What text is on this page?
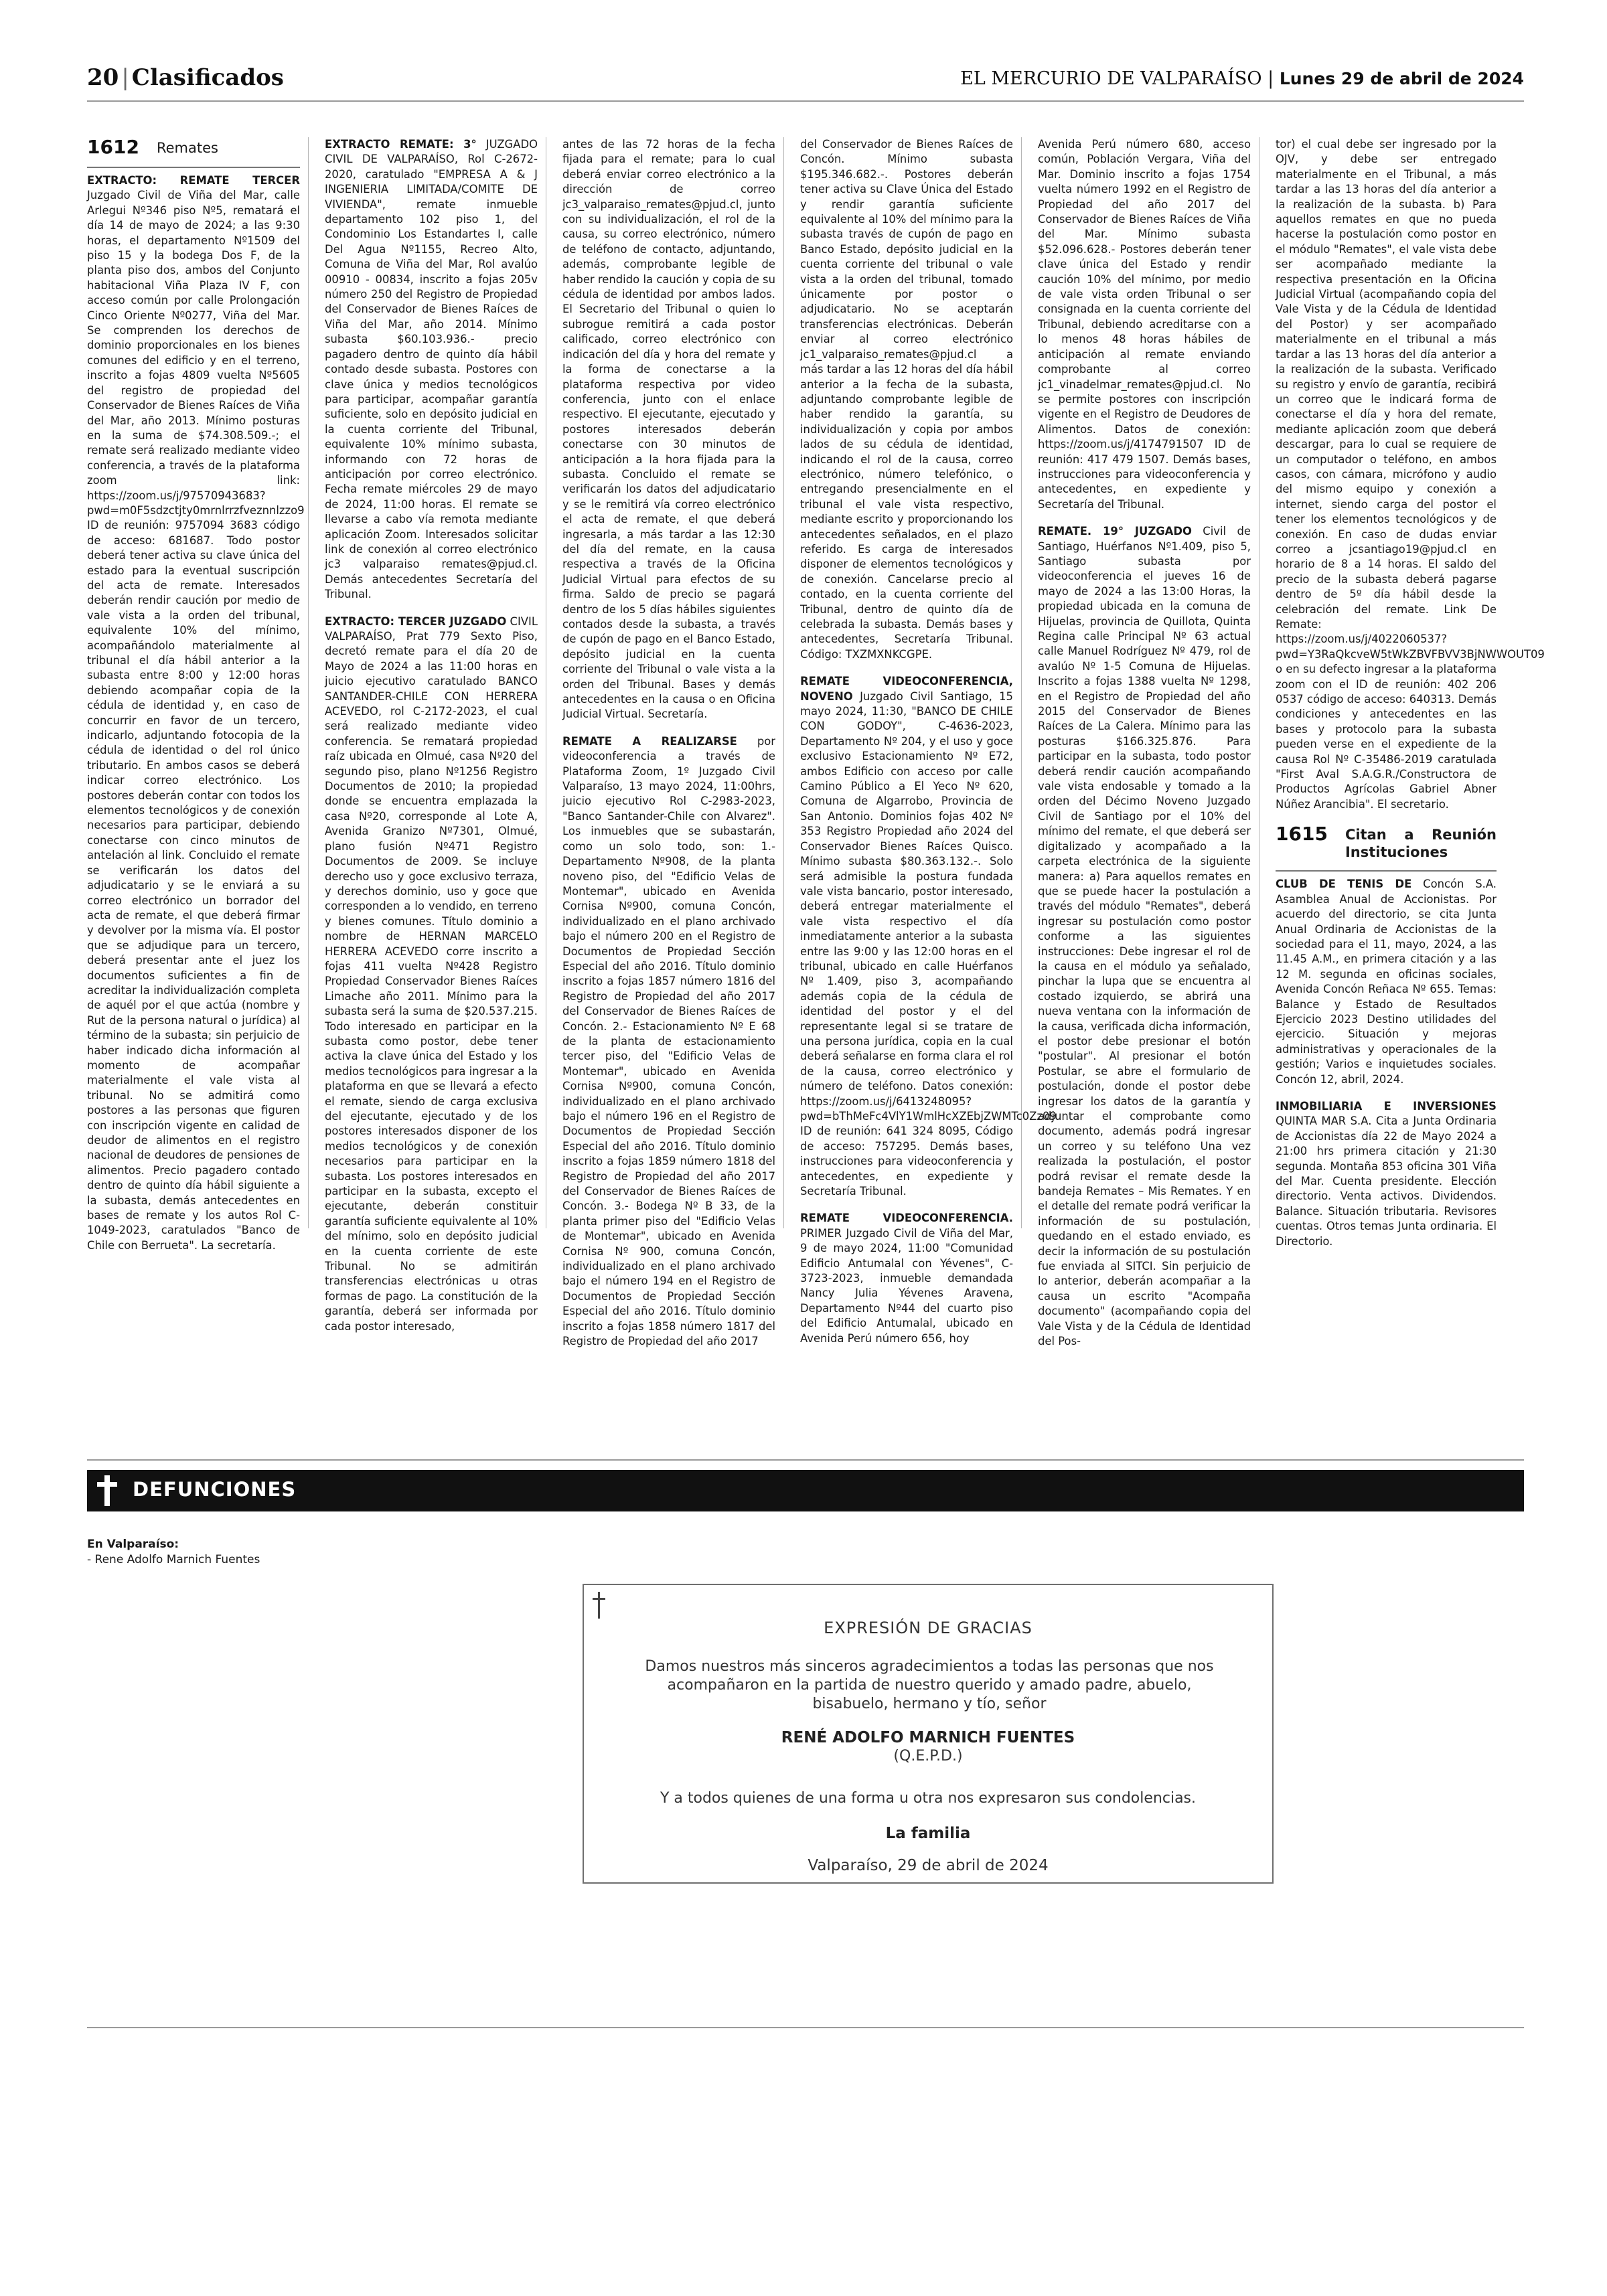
20 | Clasificados	EL MERCURIO DE VALPARAÍSO | Lunes 29 de abril de 2024
1612 Remates

EXTRACTO: REMATE TERCER Juzgado Civil de Viña del Mar, calle Arlegui Nº346 piso Nº5, rematará el día 14 de mayo de 2024; a las 9:30 horas, el departamento Nº1509 del piso 15 y la bodega Dos F, de la planta piso dos, ambos del Conjunto habitacional Viña Plaza IV F, con acceso común por calle Prolongación Cinco Oriente Nº0277, Viña del Mar. Se comprenden los derechos de dominio proporcionales en los bienes comunes del edificio y en el terreno, inscrito a fojas 4809 vuelta Nº5605 del registro de propiedad del Conservador de Bienes Raíces de Viña del Mar, año 2013. Mínimo posturas en la suma de $74.308.509.-; el remate será realizado mediante video conferencia, a través de la plataforma zoom link: https://zoom.us/j/97570943683?pwd=m0F5sdzctjty0mrnlrrzfveznnlzzo9 ID de reunión: 9757094 3683 código de acceso: 681687. Todo postor deberá tener activa su clave única del estado para la eventual suscripción del acta de remate. Interesados deberán rendir caución por medio de vale vista a la orden del tribunal, equivalente 10% del mínimo, acompañándolo materialmente al tribunal el día hábil anterior a la subasta entre 8:00 y 12:00 horas debiendo acompañar copia de la cédula de identidad y, en caso de concurrir en favor de un tercero, indicarlo, adjuntando fotocopia de la cédula de identidad o del rol único tributario. En ambos casos se deberá indicar correo electrónico. Los postores deberán contar con todos los elementos tecnológicos y de conexión necesarios para participar, debiendo conectarse con cinco minutos de antelación al link. Concluido el remate se verificarán los datos del adjudicatario y se le enviará a su correo electrónico un borrador del acta de remate, el que deberá firmar y devolver por la misma vía. El postor que se adjudique para un tercero, deberá presentar ante el juez los documentos suficientes a fin de acreditar la individualización completa de aquél por el que actúa (nombre y Rut de la persona natural o jurídica) al término de la subasta; sin perjuicio de haber indicado dicha información al momento de acompañar materialmente el vale vista al tribunal. No se admitirá como postores a las personas que figuren con inscripción vigente en calidad de deudor de alimentos en el registro nacional de deudores de pensiones de alimentos. Precio pagadero contado dentro de quinto día hábil siguiente a la subasta, demás antecedentes en bases de remate y los autos Rol C-1049-2023, caratulados "Banco de Chile con Berrueta". La secretaría.

EXTRACTO REMATE: 3° JUZGADO CIVIL DE VALPARAÍSO, Rol C-2672-2020, caratulado "EMPRESA A & J INGENIERIA LIMITADA/COMITE DE VIVIENDA", remate inmueble departamento 102 piso 1, del Condominio Los Estandartes I, calle Del Agua Nº1155, Recreo Alto, Comuna de Viña del Mar, Rol avalúo 00910 - 00834, inscrito a fojas 205v número 250 del Registro de Propiedad del Conservador de Bienes Raíces de Viña del Mar, año 2014. Mínimo subasta $60.103.936.- precio pagadero dentro de quinto día hábil contado desde subasta. Postores con clave única y medios tecnológicos para participar, acompañar garantía suficiente, solo en depósito judicial en la cuenta corriente del Tribunal, equivalente 10% mínimo subasta, informando con 72 horas de anticipación por correo electrónico. Fecha remate miércoles 29 de mayo de 2024, 11:00 horas. El remate se llevarse a cabo vía remota mediante aplicación Zoom. Interesados solicitar link de conexión al correo electrónico jc3 valparaiso remates@pjud.cl. Demás antecedentes Secretaría del Tribunal.

EXTRACTO: TERCER JUZGADO CIVIL VALPARAÍSO, Prat 779 Sexto Piso, decretó remate para el día 20 de Mayo de 2024 a las 11:00 horas en juicio ejecutivo caratulado BANCO SANTANDER-CHILE CON HERRERA ACEVEDO, rol C-2172-2023, el cual será realizado mediante video conferencia. Se rematará propiedad raíz ubicada en Olmué, casa Nº20 del segundo piso, plano Nº1256 Registro Documentos de 2010; la propiedad donde se encuentra emplazada la casa Nº20, corresponde al Lote A, Avenida Granizo Nº7301, Olmué, plano fusión Nº471 Registro Documentos de 2009. Se incluye derecho uso y goce exclusivo terraza, y derechos dominio, uso y goce que corresponden a lo vendido, en terreno y bienes comunes. Título dominio a nombre de HERNAN MARCELO HERRERA ACEVEDO corre inscrito a fojas 411 vuelta Nº428 Registro Propiedad Conservador Bienes Raíces Limache año 2011. Mínimo para la subasta será la suma de $20.537.215. Todo interesado en participar en la subasta como postor, debe tener activa la clave única del Estado y los medios tecnológicos para ingresar a la plataforma en que se llevará a efecto el remate, siendo de carga exclusiva del ejecutante, ejecutado y de los postores interesados disponer de los medios tecnológicos y de conexión necesarios para participar en la subasta. Los postores interesados en participar en la subasta, excepto el ejecutante, deberán constituir garantía suficiente equivalente al 10% del mínimo, solo en depósito judicial en la cuenta corriente de este Tribunal. No se admitirán transferencias electrónicas u otras formas de pago. La constitución de la garantía, deberá ser informada por cada postor interesado,

antes de las 72 horas de la fecha fijada para el remate; para lo cual deberá enviar correo electrónico a la dirección de correo jc3_valparaiso_remates@pjud.cl, junto con su individualización, el rol de la causa, su correo electrónico, número de teléfono de contacto, adjuntando, además, comprobante legible de haber rendido la caución y copia de su cédula de identidad por ambos lados. El Secretario del Tribunal o quien lo subrogue remitirá a cada postor calificado, correo electrónico con indicación del día y hora del remate y la forma de conectarse a la plataforma respectiva por video conferencia, junto con el enlace respectivo. El ejecutante, ejecutado y postores interesados deberán conectarse con 30 minutos de anticipación a la hora fijada para la subasta. Concluido el remate se verificarán los datos del adjudicatario y se le remitirá vía correo electrónico el acta de remate, el que deberá ingresarla, a más tardar a las 12:30 del día del remate, en la causa respectiva a través de la Oficina Judicial Virtual para efectos de su firma. Saldo de precio se pagará dentro de los 5 días hábiles siguientes contados desde la subasta, a través de cupón de pago en el Banco Estado, depósito judicial en la cuenta corriente del Tribunal o vale vista a la orden del Tribunal. Bases y demás antecedentes en la causa o en Oficina Judicial Virtual. Secretaría.

REMATE A REALIZARSE por videoconferencia a través de Plataforma Zoom, 1º Juzgado Civil Valparaíso, 13 mayo 2024, 11:00hrs, juicio ejecutivo Rol C-2983-2023, "Banco Santander-Chile con Alvarez". Los inmuebles que se subastarán, como un solo todo, son: 1.- Departamento Nº908, de la planta noveno piso, del "Edificio Velas de Montemar", ubicado en Avenida Cornisa Nº900, comuna Concón, individualizado en el plano archivado bajo el número 200 en el Registro de Documentos de Propiedad Sección Especial del año 2016. Título dominio inscrito a fojas 1857 número 1816 del Registro de Propiedad del año 2017 del Conservador de Bienes Raíces de Concón. 2.- Estacionamiento Nº E 68 de la planta de estacionamiento tercer piso, del "Edificio Velas de Montemar", ubicado en Avenida Cornisa Nº900, comuna Concón, individualizado en el plano archivado bajo el número 196 en el Registro de Documentos de Propiedad Sección Especial del año 2016. Título dominio inscrito a fojas 1859 número 1818 del Registro de Propiedad del año 2017 del Conservador de Bienes Raíces de Concón. 3.- Bodega Nº B 33, de la planta primer piso del "Edificio Velas de Montemar", ubicado en Avenida Cornisa Nº 900, comuna Concón, individualizado en el plano archivado bajo el número 194 en el Registro de Documentos de Propiedad Sección Especial del año 2016. Título dominio inscrito a fojas 1858 número 1817 del Registro de Propiedad del año 2017

del Conservador de Bienes Raíces de Concón. Mínimo subasta $195.346.682.-. Postores deberán tener activa su Clave Única del Estado y rendir garantía suficiente equivalente al 10% del mínimo para la subasta través de cupón de pago en Banco Estado, depósito judicial en la cuenta corriente del tribunal o vale vista a la orden del tribunal, tomado únicamente por postor o adjudicatario. No se aceptarán transferencias electrónicas. Deberán enviar al correo electrónico jc1_valparaiso_remates@pjud.cl a más tardar a las 12 horas del día hábil anterior a la fecha de la subasta, adjuntando comprobante legible de haber rendido la garantía, su individualización y copia por ambos lados de su cédula de identidad, indicando el rol de la causa, correo electrónico, número telefónico, o entregando presencialmente en el tribunal el vale vista respectivo, mediante escrito y proporcionando los antecedentes señalados, en el plazo referido. Es carga de interesados disponer de elementos tecnológicos y de conexión. Cancelarse precio al contado, en la cuenta corriente del Tribunal, dentro de quinto día de celebrada la subasta. Demás bases y antecedentes, Secretaría Tribunal. Código: TXZMXNKCGPE.

REMATE VIDEOCONFERENCIA, NOVENO Juzgado Civil Santiago, 15 mayo 2024, 11:30, "BANCO DE CHILE CON GODOY", C-4636-2023, Departamento Nº 204, y el uso y goce exclusivo Estacionamiento Nº E72, ambos Edificio con acceso por calle Camino Público a El Yeco Nº 620, Comuna de Algarrobo, Provincia de San Antonio. Dominios fojas 402 Nº 353 Registro Propiedad año 2024 del Conservador Bienes Raíces Quisco. Mínimo subasta $80.363.132.-. Solo será admisible la postura fundada vale vista bancario, postor interesado, deberá entregar materialmente el vale vista respectivo el día inmediatamente anterior a la subasta entre las 9:00 y las 12:00 horas en el tribunal, ubicado en calle Huérfanos Nº 1.409, piso 3, acompañando además copia de la cédula de identidad del postor y el del representante legal si se tratare de una persona jurídica, copia en la cual deberá señalarse en forma clara el rol de la causa, correo electrónico y número de teléfono. Datos conexión: https://zoom.us/j/6413248095?pwd=bThMeFc4VlY1WmlHcXZEbjZWMTc0Zz09 ID de reunión: 641 324 8095, Código de acceso: 757295. Demás bases, instrucciones para videoconferencia y antecedentes, en expediente y Secretaría Tribunal.

REMATE VIDEOCONFERENCIA. PRIMER Juzgado Civil de Viña del Mar, 9 de mayo 2024, 11:00 "Comunidad Edificio Antumalal con Yévenes", C-3723-2023, inmueble demandada Nancy Julia Yévenes Aravena, Departamento Nº44 del cuarto piso del Edificio Antumalal, ubicado en Avenida Perú número 656, hoy

Avenida Perú número 680, acceso común, Población Vergara, Viña del Mar. Dominio inscrito a fojas 1754 vuelta número 1992 en el Registro de Propiedad del año 2017 del Conservador de Bienes Raíces de Viña del Mar. Mínimo subasta $52.096.628.- Postores deberán tener clave única del Estado y rendir caución 10% del mínimo, por medio de vale vista orden Tribunal o ser consignada en la cuenta corriente del Tribunal, debiendo acreditarse con a lo menos 48 horas hábiles de anticipación al remate enviando comprobante al correo jc1_vinadelmar_remates@pjud.cl. No se permite postores con inscripción vigente en el Registro de Deudores de Alimentos. Datos de conexión: https://zoom.us/j/4174791507 ID de reunión: 417 479 1507. Demás bases, instrucciones para videoconferencia y antecedentes, en expediente y Secretaría del Tribunal.

REMATE. 19° JUZGADO Civil de Santiago, Huérfanos Nº1.409, piso 5, Santiago subasta por videoconferencia el jueves 16 de mayo de 2024 a las 13:00 Horas, la propiedad ubicada en la comuna de Hijuelas, provincia de Quillota, Quinta Regina calle Principal Nº 63 actual calle Manuel Rodríguez Nº 479, rol de avalúo Nº 1-5 Comuna de Hijuelas. Inscrito a fojas 1388 vuelta Nº 1298, en el Registro de Propiedad del año 2015 del Conservador de Bienes Raíces de La Calera. Mínimo para las posturas $166.325.876. Para participar en la subasta, todo postor deberá rendir caución acompañando vale vista endosable y tomado a la orden del Décimo Noveno Juzgado Civil de Santiago por el 10% del mínimo del remate, el que deberá ser digitalizado y acompañado a la carpeta electrónica de la siguiente manera: a) Para aquellos remates en que se puede hacer la postulación a través del módulo "Remates", deberá ingresar su postulación como postor conforme a las siguientes instrucciones: Debe ingresar el rol de la causa en el módulo ya señalado, pinchar la lupa que se encuentra al costado izquierdo, se abrirá una nueva ventana con la información de la causa, verificada dicha información, el postor debe presionar el botón "postular". Al presionar el botón Postular, se abre el formulario de postulación, donde el postor debe ingresar los datos de la garantía y adjuntar el comprobante como documento, además podrá ingresar un correo y su teléfono Una vez realizada la postulación, el postor podrá revisar el remate desde la bandeja Remates – Mis Remates. Y en el detalle del remate podrá verificar la información de su postulación, quedando en el estado enviado, es decir la información de su postulación fue enviada al SITCI. Sin perjuicio de lo anterior, deberán acompañar a la causa un escrito "Acompaña documento" (acompañando copia del Vale Vista y de la Cédula de Identidad del Pos-

tor) el cual debe ser ingresado por la OJV, y debe ser entregado materialmente en el Tribunal, a más tardar a las 13 horas del día anterior a la realización de la subasta. b) Para aquellos remates en que no pueda hacerse la postulación como postor en el módulo "Remates", el vale vista debe ser acompañado mediante la respectiva presentación en la Oficina Judicial Virtual (acompañando copia del Vale Vista y de la Cédula de Identidad del Postor) y ser acompañado materialmente en el tribunal a más tardar a las 13 horas del día anterior a la realización de la subasta. Verificado su registro y envío de garantía, recibirá un correo que le indicará forma de conectarse el día y hora del remate, mediante aplicación zoom que deberá descargar, para lo cual se requiere de un computador o teléfono, en ambos casos, con cámara, micrófono y audio del mismo equipo y conexión a internet, siendo carga del postor el tener los elementos tecnológicos y de conexión. En caso de dudas enviar correo a jcsantiago19@pjud.cl en horario de 8 a 14 horas. El saldo del precio de la subasta deberá pagarse dentro de 5º día hábil desde la celebración del remate. Link De Remate: https://zoom.us/j/4022060537?pwd=Y3RaQkcveW5tWkZBVFBVV3BjNWWOUT09 o en su defecto ingresar a la plataforma zoom con el ID de reunión: 402 206 0537 código de acceso: 640313. Demás condiciones y antecedentes en las bases y protocolo para la subasta pueden verse en el expediente de la causa Rol Nº C-35486-2019 caratulada "First Aval S.A.G.R./Constructora de Productos Agrícolas Gabriel Abner Núñez Arancibia". El secretario.

1615 Citan a Reunión Instituciones

CLUB DE TENIS DE Concón S.A. Asamblea Anual de Accionistas. Por acuerdo del directorio, se cita Junta Anual Ordinaria de Accionistas de la sociedad para el 11, mayo, 2024, a las 11.45 A.M., en primera citación y a las 12 M. segunda en oficinas sociales, Avenida Concón Reñaca Nº 655. Temas: Balance y Estado de Resultados Ejercicio 2023 Destino utilidades del ejercicio. Situación y mejoras administrativas y operacionales de la gestión; Varios e inquietudes sociales. Concón 12, abril, 2024.

INMOBILIARIA E INVERSIONES QUINTA MAR S.A. Cita a Junta Ordinaria de Accionistas día 22 de Mayo 2024 a 21:00 hrs primera citación y 21:30 segunda. Montaña 853 oficina 301 Viña del Mar. Cuenta presidente. Elección directorio. Venta activos. Dividendos. Balance. Situación tributaria. Revisores cuentas. Otros temas Junta ordinaria. El Directorio.

DEFUNCIONES
En Valparaíso:
- Rene Adolfo Marnich Fuentes
EXPRESIÓN DE GRACIAS
Damos nuestros más sinceros agradecimientos a todas las personas que nos acompañaron en la partida de nuestro querido y amado padre, abuelo, bisabuelo, hermano y tío, señor
RENÉ ADOLFO MARNICH FUENTES
(Q.E.P.D.)
Y a todos quienes de una forma u otra nos expresaron sus condolencias.
La familia
Valparaíso, 29 de abril de 2024
